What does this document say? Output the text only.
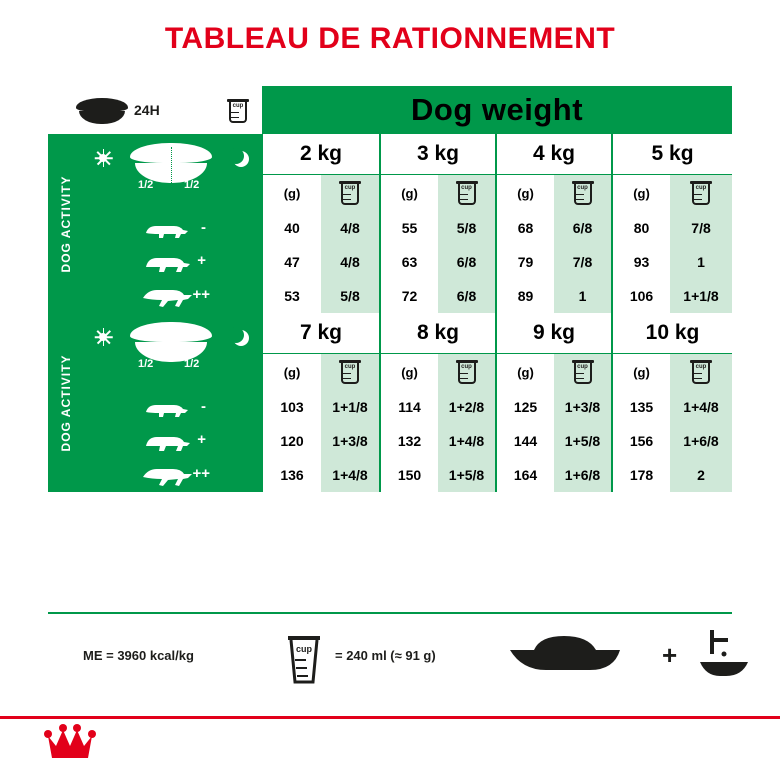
TABLEAU DE RATIONNEMENT
24H		cup	Dog weight							

DOG ACTIVITY	1/2 1/2		2 kg		3 kg		4 kg		5 kg	
			(g)	cup	(g)	cup	(g)	cup	(g)	cup

	-		40	4/8	55	5/8	68	6/8	80	7/8

	+		47	4/8	63	6/8	79	7/8	93	1

	++		53	5/8	72	6/8	89	1	106	1+1/8

DOG ACTIVITY	1/2 1/2		7 kg		8 kg		9 kg		10 kg	
			(g)	cup	(g)	cup	(g)	cup	(g)	cup

	-		103	1+1/8	114	1+2/8	125	1+3/8	135	1+4/8

	+		120	1+3/8	132	1+4/8	144	1+5/8	156	1+6/8

	++		136	1+4/8	150	1+5/8	164	1+6/8	178	2
ME = 3960 kcal/kg	cup = 240 ml (≈ 91 g)	+
